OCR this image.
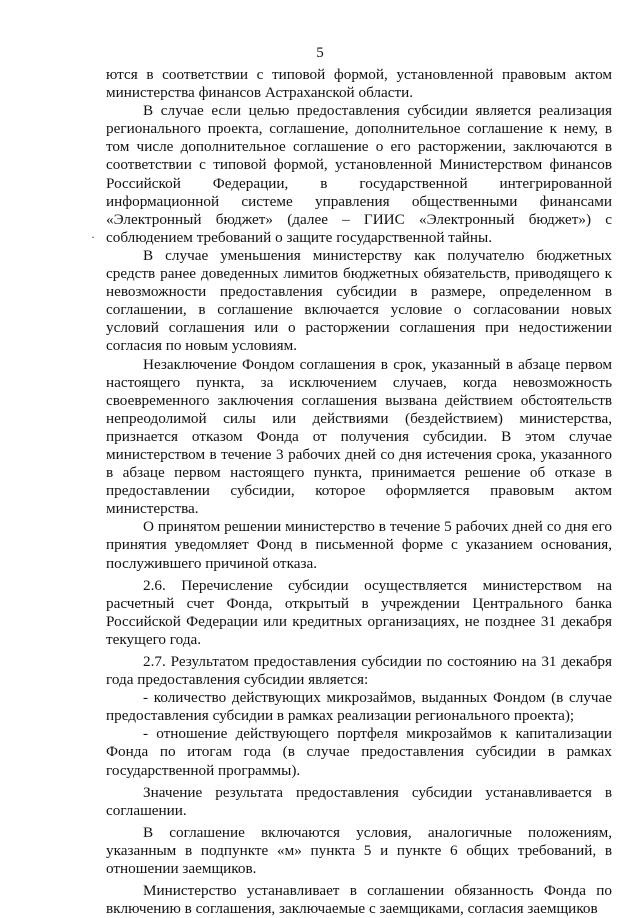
5
·

ются в соответствии с типовой формой, установленной правовым актом министерства финансов Астраханской области.

В случае если целью предоставления субсидии является реализация регионального проекта, соглашение, дополнительное соглашение к нему, в том числе дополнительное соглашение о его расторжении, заключаются в соответствии с типовой формой, установленной Министерством финансов Российской Федерации, в государственной интегрированной информационной системе управления общественными финансами «Электронный бюджет» (далее – ГИИС «Электронный бюджет») с соблюдением требований о защите государственной тайны.

В случае уменьшения министерству как получателю бюджетных средств ранее доведенных лимитов бюджетных обязательств, приводящего к невозможности предоставления субсидии в размере, определенном в соглашении, в соглашение включается условие о согласовании новых условий соглашения или о расторжении соглашения при недостижении согласия по новым условиям.

Незаключение Фондом соглашения в срок, указанный в абзаце первом настоящего пункта, за исключением случаев, когда невозможность своевременного заключения соглашения вызвана действием обстоятельств непреодолимой силы или действиями (бездействием) министерства, признается отказом Фонда от получения субсидии. В этом случае министерством в течение 3 рабочих дней со дня истечения срока, указанного в абзаце первом настоящего пункта, принимается решение об отказе в предоставлении субсидии, которое оформляется правовым актом министерства.

О принятом решении министерство в течение 5 рабочих дней со дня его принятия уведомляет Фонд в письменной форме с указанием основания, послужившего причиной отказа.

2.6. Перечисление субсидии осуществляется министерством на расчетный счет Фонда, открытый в учреждении Центрального банка Российской Федерации или кредитных организациях, не позднее 31 декабря текущего года.

2.7. Результатом предоставления субсидии по состоянию на 31 декабря года предоставления субсидии является:

- количество действующих микрозаймов, выданных Фондом (в случае предоставления субсидии в рамках реализации регионального проекта);

- отношение действующего портфеля микрозаймов к капитализации Фонда по итогам года (в случае предоставления субсидии в рамках государственной программы).

Значение результата предоставления субсидии устанавливается в соглашении.

В соглашение включаются условия, аналогичные положениям, указанным в подпункте «м» пункта 5 и пункте 6 общих требований, в отношении заемщиков.

Министерство устанавливает в соглашении обязанность Фонда по включению в соглашения, заключаемые с заемщиками, согласия заемщиков
